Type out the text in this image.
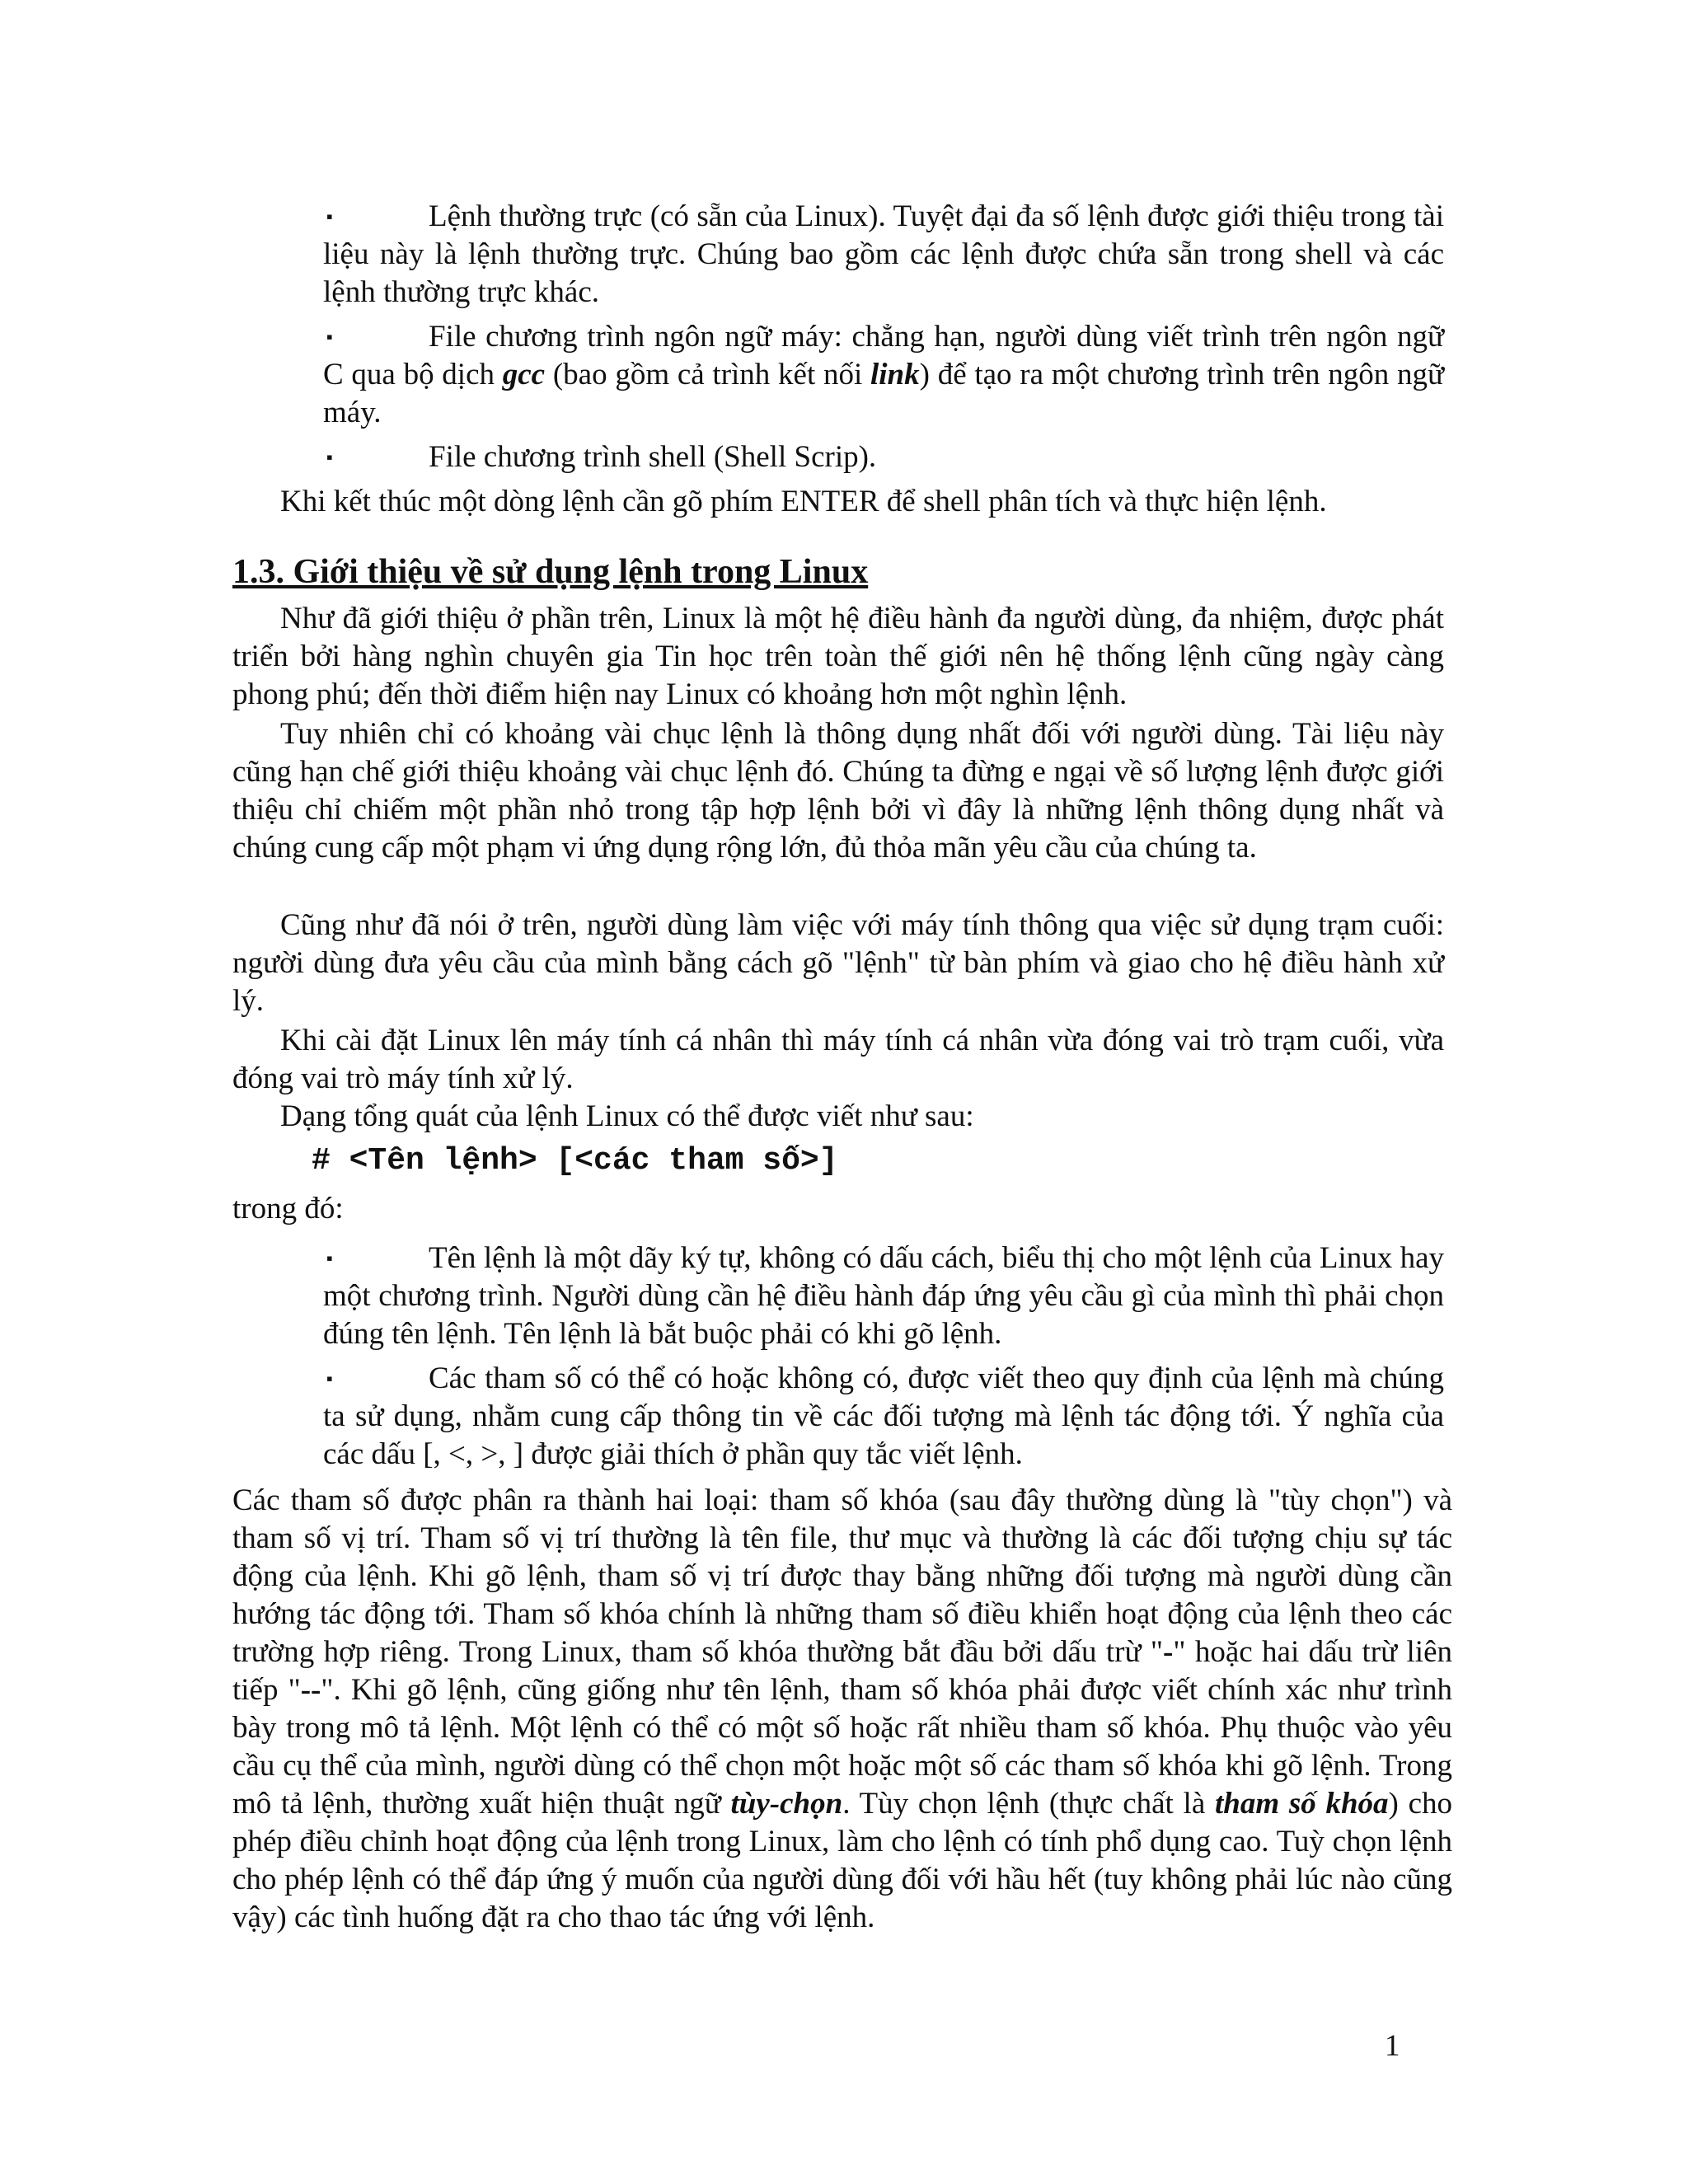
▪	Lệnh thường trực (có sẵn của Linux). Tuyệt đại đa số lệnh được giới thiệu trong tài liệu này là lệnh thường trực. Chúng bao gồm các lệnh được chứa sẵn trong shell và các lệnh thường trực khác.
▪	File chương trình ngôn ngữ máy: chẳng hạn, người dùng viết trình trên ngôn ngữ C qua bộ dịch gcc (bao gồm cả trình kết nối link) để tạo ra một chương trình trên ngôn ngữ máy.
▪	File chương trình shell (Shell Scrip).

Khi kết thúc một dòng lệnh cần gõ phím ENTER để shell phân tích và thực hiện lệnh.

1.3. Giới thiệu về sử dụng lệnh trong Linux

Như đã giới thiệu ở phần trên, Linux là một hệ điều hành đa người dùng, đa nhiệm, được phát triển bởi hàng nghìn chuyên gia Tin học trên toàn thế giới nên hệ thống lệnh cũng ngày càng phong phú; đến thời điểm hiện nay Linux có khoảng hơn một nghìn lệnh.

Tuy nhiên chỉ có khoảng vài chục lệnh là thông dụng nhất đối với người dùng. Tài liệu này cũng hạn chế giới thiệu khoảng vài chục lệnh đó. Chúng ta đừng e ngại về số lượng lệnh được giới thiệu chỉ chiếm một phần nhỏ trong tập hợp lệnh bởi vì đây là những lệnh thông dụng nhất và chúng cung cấp một phạm vi ứng dụng rộng lớn, đủ thỏa mãn yêu cầu của chúng ta.

Cũng như đã nói ở trên, người dùng làm việc với máy tính thông qua việc sử dụng trạm cuối: người dùng đưa yêu cầu của mình bằng cách gõ "lệnh" từ bàn phím và giao cho hệ điều hành xử lý.

Khi cài đặt Linux lên máy tính cá nhân thì máy tính cá nhân vừa đóng vai trò trạm cuối, vừa đóng vai trò máy tính xử lý.

Dạng tổng quát của lệnh Linux có thể được viết như sau:

# <Tên lệnh> [<các tham số>]

trong đó:

▪	Tên lệnh là một dãy ký tự, không có dấu cách, biểu thị cho một lệnh của Linux hay một chương trình. Người dùng cần hệ điều hành đáp ứng yêu cầu gì của mình thì phải chọn đúng tên lệnh. Tên lệnh là bắt buộc phải có khi gõ lệnh.
▪	Các tham số có thể có hoặc không có, được viết theo quy định của lệnh mà chúng ta sử dụng, nhằm cung cấp thông tin về các đối tượng mà lệnh tác động tới. Ý nghĩa của các dấu [, <, >, ] được giải thích ở phần quy tắc viết lệnh.

Các tham số được phân ra thành hai loại: tham số khóa (sau đây thường dùng là "tùy chọn") và tham số vị trí. Tham số vị trí thường là tên file, thư mục và thường là các đối tượng chịu sự tác động của lệnh. Khi gõ lệnh, tham số vị trí được thay bằng những đối tượng mà người dùng cần hướng tác động tới. Tham số khóa chính là những tham số điều khiển hoạt động của lệnh theo các trường hợp riêng. Trong Linux, tham số khóa thường bắt đầu bởi dấu trừ "-" hoặc hai dấu trừ liên tiếp "--". Khi gõ lệnh, cũng giống như tên lệnh, tham số khóa phải được viết chính xác như trình bày trong mô tả lệnh. Một lệnh có thể có một số hoặc rất nhiều tham số khóa. Phụ thuộc vào yêu cầu cụ thể của mình, người dùng có thể chọn một hoặc một số các tham số khóa khi gõ lệnh. Trong mô tả lệnh, thường xuất hiện thuật ngữ tùy-chọn. Tùy chọn lệnh (thực chất là tham số khóa) cho phép điều chỉnh hoạt động của lệnh trong Linux, làm cho lệnh có tính phổ dụng cao. Tuỳ chọn lệnh cho phép lệnh có thể đáp ứng ý muốn của người dùng đối với hầu hết (tuy không phải lúc nào cũng vậy) các tình huống đặt ra cho thao tác ứng với lệnh.

1
